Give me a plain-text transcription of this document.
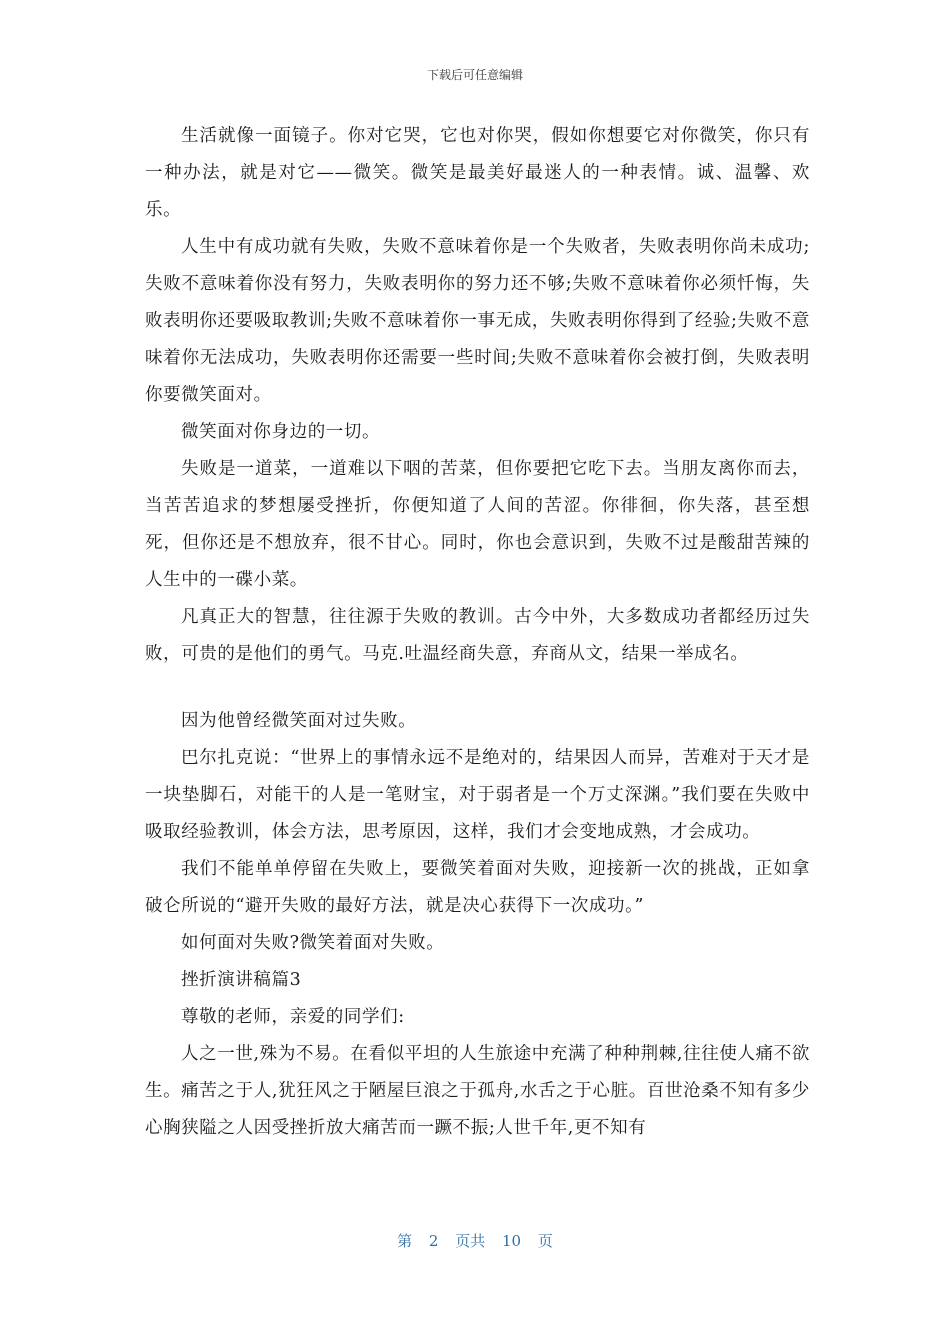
下载后可任意编辑

生活就像一面镜子。你对它哭，它也对你哭，假如你想要它对你微笑，你只有一种办法，就是对它——微笑。微笑是最美好最迷人的一种表情。诚、温馨、欢乐。

人生中有成功就有失败，失败不意味着你是一个失败者，失败表明你尚未成功;失败不意味着你没有努力，失败表明你的努力还不够;失败不意味着你必须忏悔，失败表明你还要吸取教训;失败不意味着你一事无成，失败表明你得到了经验;失败不意味着你无法成功，失败表明你还需要一些时间;失败不意味着你会被打倒，失败表明你要微笑面对。

微笑面对你身边的一切。

失败是一道菜，一道难以下咽的苦菜，但你要把它吃下去。当朋友离你而去，当苦苦追求的梦想屡受挫折，你便知道了人间的苦涩。你徘徊，你失落，甚至想死，但你还是不想放弃，很不甘心。同时，你也会意识到，失败不过是酸甜苦辣的人生中的一碟小菜。

凡真正大的智慧，往往源于失败的教训。古今中外，大多数成功者都经历过失败，可贵的是他们的勇气。马克.吐温经商失意，弃商从文，结果一举成名。

因为他曾经微笑面对过失败。

巴尔扎克说：“世界上的事情永远不是绝对的，结果因人而异，苦难对于天才是一块垫脚石，对能干的人是一笔财宝，对于弱者是一个万丈深渊。”我们要在失败中吸取经验教训，体会方法，思考原因，这样，我们才会变地成熟，才会成功。

我们不能单单停留在失败上，要微笑着面对失败，迎接新一次的挑战，正如拿破仑所说的“避开失败的最好方法，就是决心获得下一次成功。”

如何面对失败?微笑着面对失败。

挫折演讲稿篇3

尊敬的老师，亲爱的同学们:

人之一世,殊为不易。在看似平坦的人生旅途中充满了种种荆棘,往往使人痛不欲生。痛苦之于人,犹狂风之于陋屋巨浪之于孤舟,水舌之于心脏。百世沧桑不知有多少心胸狭隘之人因受挫折放大痛苦而一蹶不振;人世千年,更不知有

第 2 页共 10 页
